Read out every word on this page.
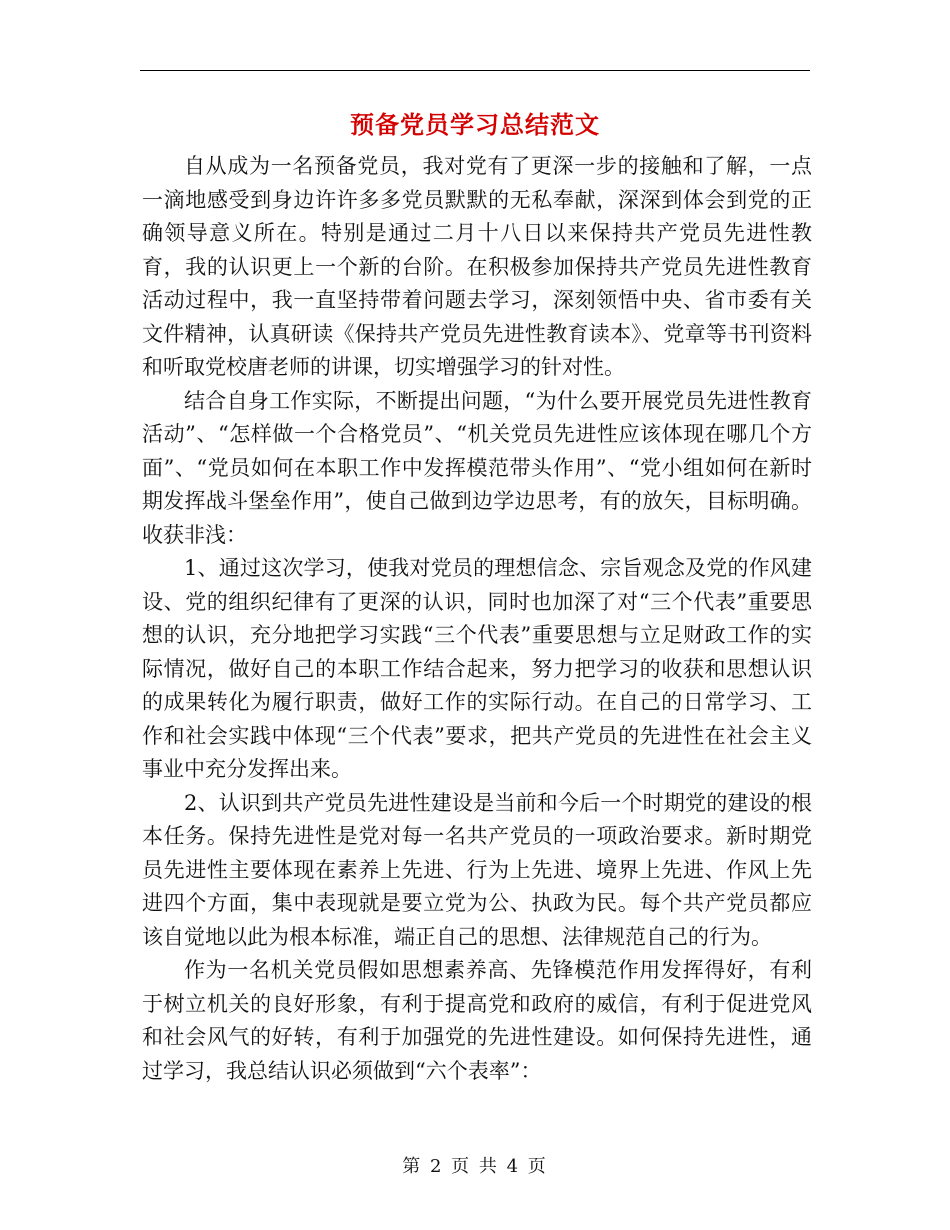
预备党员学习总结范文

自从成为一名预备党员，我对党有了更深一步的接触和了解，一点一滴地感受到身边许许多多党员默默的无私奉献，深深到体会到党的正确领导意义所在。特别是通过二月十八日以来保持共产党员先进性教育，我的认识更上一个新的台阶。在积极参加保持共产党员先进性教育活动过程中，我一直坚持带着问题去学习，深刻领悟中央、省市委有关文件精神，认真研读《保持共产党员先进性教育读本》、党章等书刊资料和听取党校唐老师的讲课，切实增强学习的针对性。

结合自身工作实际，不断提出问题，“为什么要开展党员先进性教育活动”、“怎样做一个合格党员”、“机关党员先进性应该体现在哪几个方面”、“党员如何在本职工作中发挥模范带头作用”、“党小组如何在新时期发挥战斗堡垒作用”，使自己做到边学边思考，有的放矢，目标明确。收获非浅：

1、通过这次学习，使我对党员的理想信念、宗旨观念及党的作风建设、党的组织纪律有了更深的认识，同时也加深了对“三个代表”重要思想的认识，充分地把学习实践“三个代表”重要思想与立足财政工作的实际情况，做好自己的本职工作结合起来，努力把学习的收获和思想认识的成果转化为履行职责，做好工作的实际行动。在自己的日常学习、工作和社会实践中体现“三个代表”要求，把共产党员的先进性在社会主义事业中充分发挥出来。

2、认识到共产党员先进性建设是当前和今后一个时期党的建设的根本任务。保持先进性是党对每一名共产党员的一项政治要求。新时期党员先进性主要体现在素养上先进、行为上先进、境界上先进、作风上先进四个方面，集中表现就是要立党为公、执政为民。每个共产党员都应该自觉地以此为根本标准，端正自己的思想、法律规范自己的行为。

作为一名机关党员假如思想素养高、先锋模范作用发挥得好，有利于树立机关的良好形象，有利于提高党和政府的威信，有利于促进党风和社会风气的好转，有利于加强党的先进性建设。如何保持先进性，通过学习，我总结认识必须做到“六个表率”：

第 2 页 共 4 页
